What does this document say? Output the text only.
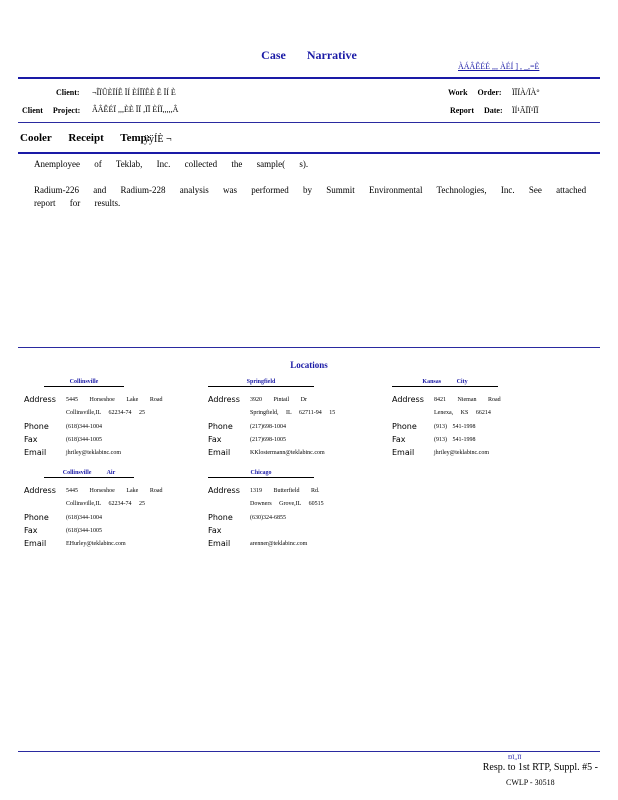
Case Narrative
ÀÁÂÊÉÉ ,,, ÀÉÍ ] , _,=È
Client: ¬ÎÏÛÈÏÍÊ ÏÍ ÈÍÏÏÊÈ Ê ÏÍ È
Client Project: ÂÂÊÉÏ ,,,ÈÈ ÏÏ ,ÏÏ ÈÍÏ,,,,,Â
Work Order: ÏÏÏÀ/ÏÀ°
Report Date: ÏÍ¹ÃÏÏ¹ÏÏ
Cooler Receipt Temp:
ÿÿÍÈ ¬
Anemployee of Teklab, Inc. collected the sample( s).
Radium-226 and Radium-228 analysis was performed by Summit Environmental Technologies, Inc. See attached
report for results.
Locations
Collinsville
Address 5445 Horseshoe Lake Road
Collinsville,IL 62234-74 25
Phone	(618)344-1004
Fax	(618)344-1005
Email	jhriley@teklabinc.com
Springfield
Address 3920 Pintail Dr
Springfield, IL 62711-94 15
Phone	(217)698-1004
Fax	(217)698-1005
Email	KKlostermann@teklabinc.com
Kansas City
Address 8421 Nieman Road
Lenexa, KS 66214
Phone	(913) 541-1998
Fax	(913) 541-1998
Email	jhriley@teklabinc.com
Collinsville Air
Address 5445 Horseshoe Lake Road
Collinsville,IL 62234-74 25
Phone	(618)344-1004
Fax	(618)344-1005
Email	EHurley@teklabinc.com
Chicago
Address 1319 Butterfield Rd.
Downers Grove,IL 60515
Phone	(630)324-6855
Fax
Email	arenner@teklabinc.com
ÐÏ,,ÏÏ
Resp. to 1st RTP, Suppl. #5 -
CWLP - 30518
